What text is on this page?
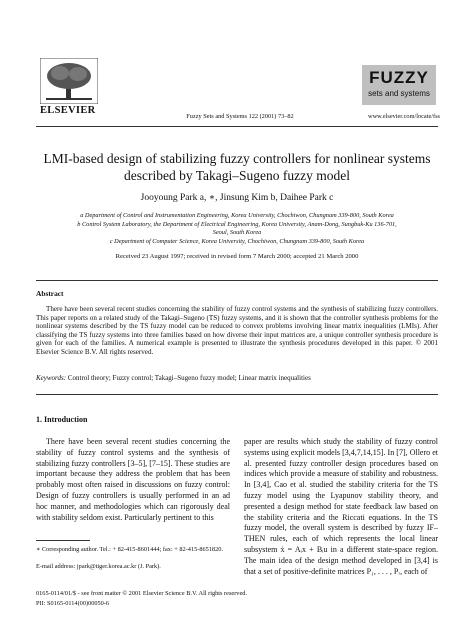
ELSEVIER
Fuzzy Sets and Systems 122 (2001) 73–82
FUZZY
sets and systems
www.elsevier.com/locate/fss
LMI-based design of stabilizing fuzzy controllers for nonlinear systems
described by Takagi–Sugeno fuzzy model
Jooyoung Park a, ∗, Jinsung Kim b, Daihee Park c
a Department of Control and Instrumentation Engineering, Korea University, Chochiwon, Chungnam 339-800, South Korea
b Control System Laboratory, the Department of Electrical Engineering, Korea University, Anam-Dong, Sungbuk-Ku 136-701,
Seoul, South Korea
c Department of Computer Science, Korea University, Chochiwon, Chungnam 339-800, South Korea
Received 23 August 1997; received in revised form 7 March 2000; accepted 21 March 2000
Abstract
There have been several recent studies concerning the stability of fuzzy control systems and the synthesis of stabilizing fuzzy controllers. This paper reports on a related study of the Takagi–Sugeno (TS) fuzzy systems, and it is shown that the controller synthesis problems for the nonlinear systems described by the TS fuzzy model can be reduced to convex problems involving linear matrix inequalities (LMIs). After classifying the TS fuzzy systems into three families based on how diverse their input matrices are, a unique controller synthesis procedure is given for each of the families. A numerical example is presented to illustrate the synthesis procedures developed in this paper. © 2001 Elsevier Science B.V. All rights reserved.
Keywords: Control theory; Fuzzy control; Takagi–Sugeno fuzzy model; Linear matrix inequalities
1. Introduction

There have been several recent studies concerning the stability of fuzzy control systems and the synthesis of stabilizing fuzzy controllers [3–5], [7–15]. These studies are important because they address the problem that has been probably most often raised in discussions on fuzzy control: Design of fuzzy controllers is usually performed in an ad hoc manner, and methodologies which can rigorously deal with stability seldom exist. Particularly pertinent to this

paper are results which study the stability of fuzzy control systems using explicit models [3,4,7,14,15]. In [7], Ollero et al. presented fuzzy controller design procedures based on indices which provide a measure of stability and robustness. In [3,4], Cao et al. studied the stability criteria for the TS fuzzy model using the Lyapunov stability theory, and presented a design method for state feedback law based on the stability criteria and the Riccati equations. In the TS fuzzy model, the overall system is described by fuzzy IF–THEN rules, each of which represents the local linear subsystem ẋ = Aᵢx + Bᵢu in a different state-space region. The main idea of the design method developed in [3,4] is that a set of positive-definite matrices P₁, . . . , Pᵣ, each of

∗ Corresponding author. Tel.: + 82-415-8601444; fax: + 82-415-8651820.
E-mail address: jpark@tiger.korea.ac.kr (J. Park).
0165-0114/01/$ - see front matter © 2001 Elsevier Science B.V. All rights reserved.
PII: S0165-0114(00)00050-6
